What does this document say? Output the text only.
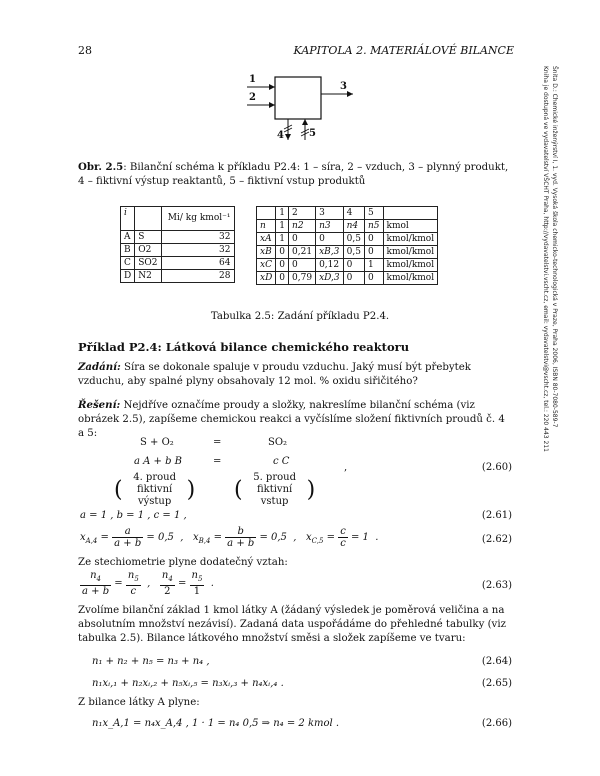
28	KAPITOLA 2. MATERIÁLOVÉ BILANCE
Šnita D.: Chemické inženýrství I, 1. vyd. Vysoká škola chemicko-technologická v Praze, Praha 2006, ISBN 80-7080-589-7
Kniha je dostupná ve vydavatelství VŠCHT Praha, http://vydavatelstvi.vscht.cz, email: vydavatelstvi@vscht.cz, tel.: 220 443 211
1
2
3
4	5
Obr. 2.5: Bilanční schéma k příkladu P2.4: 1 – síra, 2 – vzduch, 3 – plynný produkt, 4 – fiktivní výstup reaktantů, 5 – fiktivní vstup produktů
i		Mi/ kg kmol⁻¹
A	S	32
B	O2	32
C	SO2	64
D	N2	28
	1	2	3	4	5	
n	1	n2	n3	n4	n5	kmol
xA	1	0	0	0,5	0	kmol/kmol
xB	0	0,21	xB,3	0,5	0	kmol/kmol
xC	0	0	0,12	0	1	kmol/kmol
xD	0	0,79	xD,3	0	0	kmol/kmol
Tabulka 2.5: Zadání příkladu P2.4.
Příklad P2.4: Látková bilance chemického reaktoru
Zadání: Síra se dokonale spaluje v proudu vzduchu. Jaký musí být přebytek vzduchu, aby spalné plyny obsahovaly 12 mol. % oxidu siřičitého?
Řešení: Nejdříve označíme proudy a složky, nakreslíme bilanční schéma (viz obrázek 2.5), zapíšeme chemickou reakci a vyčíslíme složení fiktivních proudů č. 4 a 5:
S + O₂	=	SO₂
a A + b B	=	c C
(	4. proud
fiktivní výstup ) (	5. proud
fiktivní vstup )
,	(2.60)
a = 1 , b = 1 , c = 1 ,	(2.61)
$x_{A,4} = \frac{a}{a + b} = 0,5$  ,   $x_{B,4} = \frac{b}{a + b} = 0,5$  ,   $x_{C,5} = \frac{c}{c} = 1$  .	(2.62)
Ze stechiometrie plyne dodatečný vztah:
$\frac{n_4}{a + b} = \frac{n_5}{c}$ , $\frac{n_4}{2} = \frac{n_5}{1}$ .	(2.63)
Zvolíme bilanční základ 1 kmol látky A (žádaný výsledek je poměrová veličina a na absolutním množství nezávisí). Zadaná data uspořádáme do přehledné tabulky (viz tabulka 2.5). Bilance látkového množství směsi a složek zapíšeme ve tvaru:
n₁ + n₂ + n₅ = n₃ + n₄ ,	(2.64)
n₁xᵢ,₁ + n₂xᵢ,₂ + n₅xᵢ,₅ = n₃xᵢ,₃ + n₄xᵢ,₄ .	(2.65)
Z bilance látky A plyne:
n₁x_A,1 = n₄x_A,4 , 1 · 1 = n₄ 0,5 ⇒ n₄ = 2 kmol .	(2.66)
